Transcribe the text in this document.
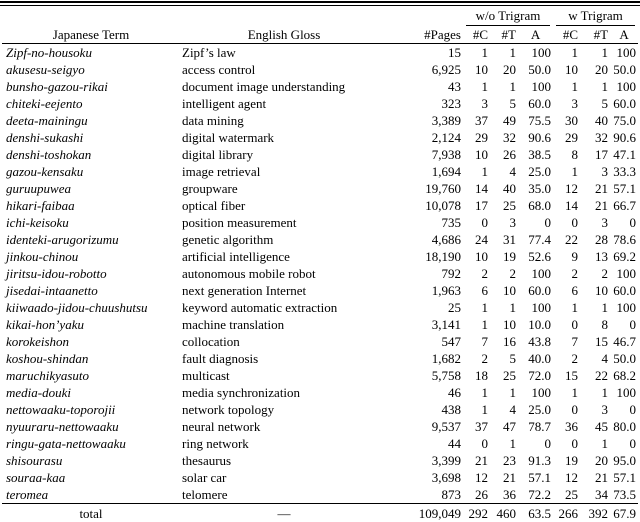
			w/o Trigram			w Trigram		

Japanese Term	English Gloss	#Pages	#C	#T	A	#C	#T	A
Zipf-no-housoku	Zipf’s law	15	1	1	100	1	1	100
akusesu-seigyo	access control	6,925	10	20	50.0	10	20	50.0
bunsho-gazou-rikai	document image understanding	43	1	1	100	1	1	100
chiteki-eejento	intelligent agent	323	3	5	60.0	3	5	60.0
deeta-mainingu	data mining	3,389	37	49	75.5	30	40	75.0
denshi-sukashi	digital watermark	2,124	29	32	90.6	29	32	90.6
denshi-toshokan	digital library	7,938	10	26	38.5	8	17	47.1
gazou-kensaku	image retrieval	1,694	1	4	25.0	1	3	33.3
guruupuwea	groupware	19,760	14	40	35.0	12	21	57.1
hikari-faibaa	optical fiber	10,078	17	25	68.0	14	21	66.7
ichi-keisoku	position measurement	735	0	3	0	0	3	0
identeki-arugorizumu	genetic algorithm	4,686	24	31	77.4	22	28	78.6
jinkou-chinou	artificial intelligence	18,190	10	19	52.6	9	13	69.2
jiritsu-idou-robotto	autonomous mobile robot	792	2	2	100	2	2	100
jisedai-intaanetto	next generation Internet	1,963	6	10	60.0	6	10	60.0
kiiwaado-jidou-chuushutsu	keyword automatic extraction	25	1	1	100	1	1	100
kikai-hon’yaku	machine translation	3,141	1	10	10.0	0	8	0
korokeishon	collocation	547	7	16	43.8	7	15	46.7
koshou-shindan	fault diagnosis	1,682	2	5	40.0	2	4	50.0
maruchikyasuto	multicast	5,758	18	25	72.0	15	22	68.2
media-douki	media synchronization	46	1	1	100	1	1	100
nettowaaku-toporojii	network topology	438	1	4	25.0	0	3	0
nyuuraru-nettowaaku	neural network	9,537	37	47	78.7	36	45	80.0
ringu-gata-nettowaaku	ring network	44	0	1	0	0	1	0
shisourasu	thesaurus	3,399	21	23	91.3	19	20	95.0
souraa-kaa	solar car	3,698	12	21	57.1	12	21	57.1
teromea	telomere	873	26	36	72.2	25	34	73.5
total	—	109,049	292	460	63.5	266	392	67.9
